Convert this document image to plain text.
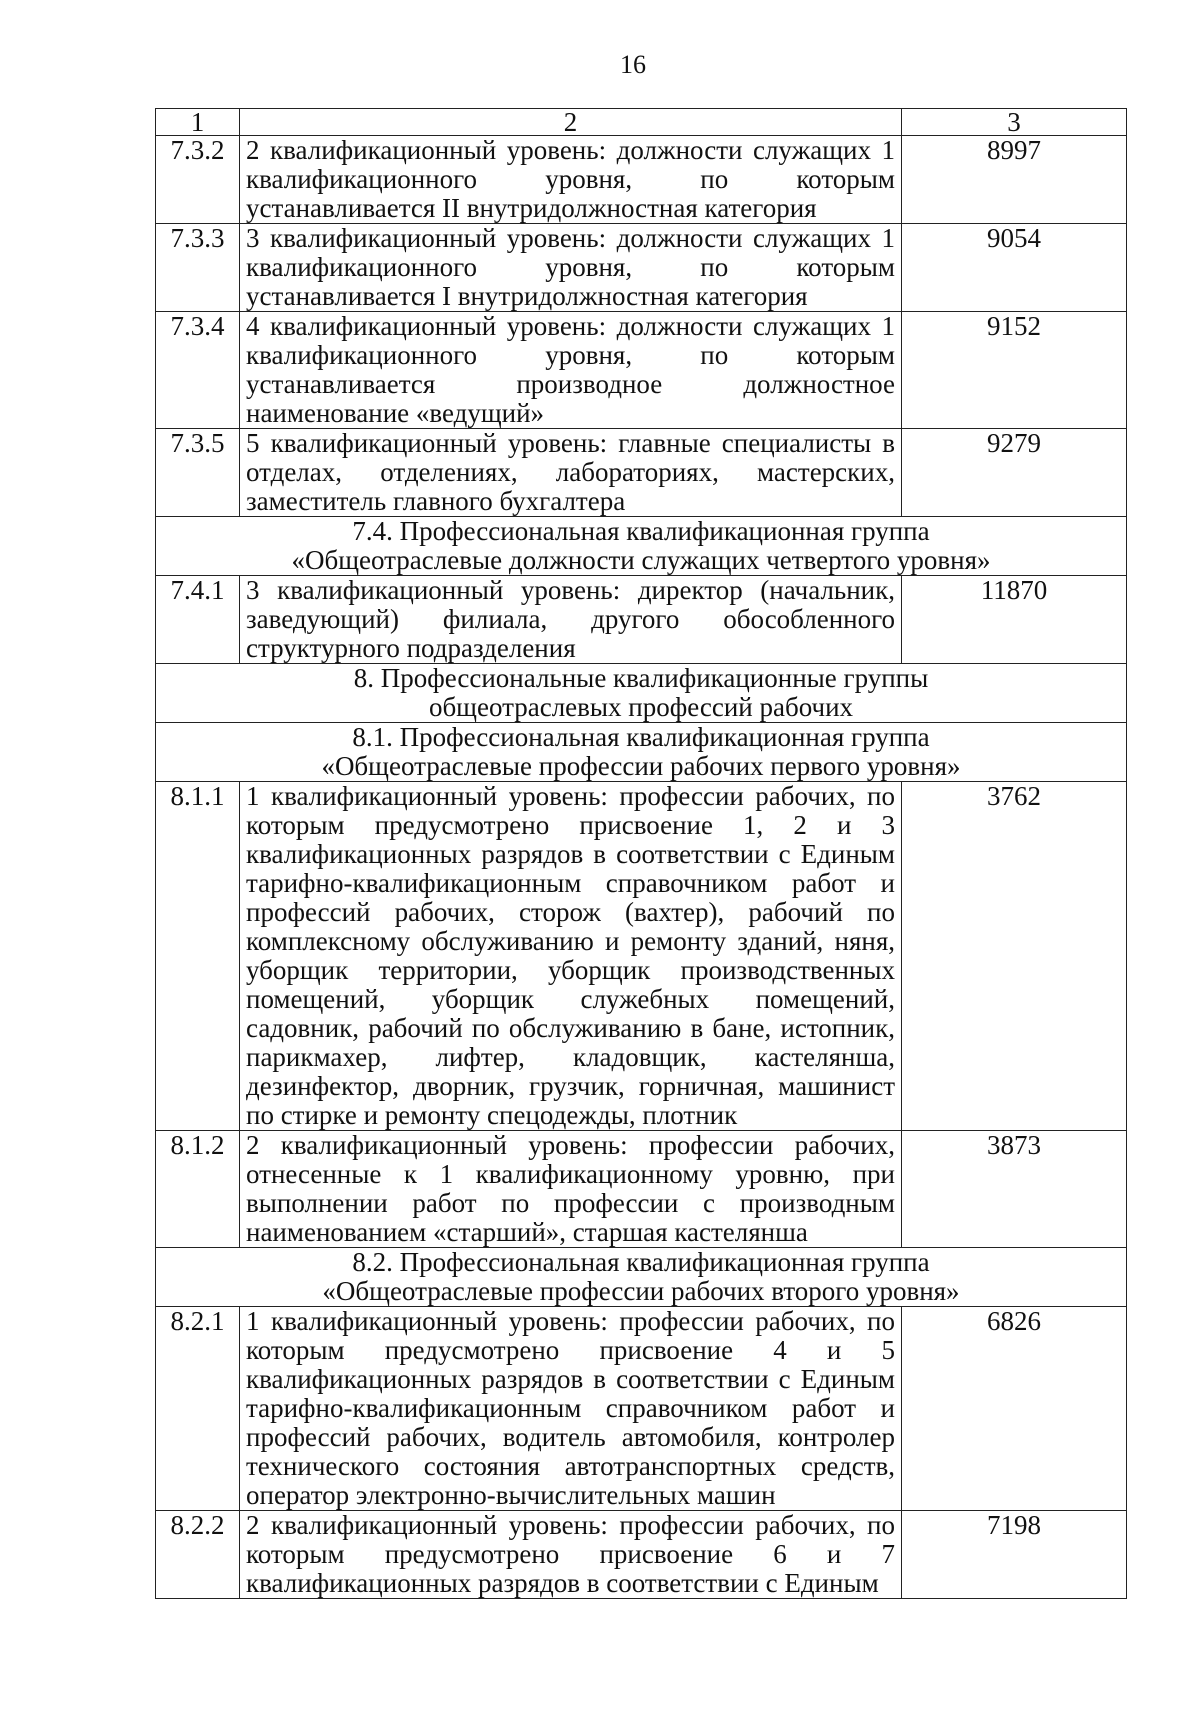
16
1	2	3
7.3.2	2 квалификационный уровень: должности служащих 1 квалификационного уровня, по которым устанавливается II внутридолжностная категория	8997
7.3.3	3 квалификационный уровень: должности служащих 1 квалификационного уровня, по которым устанавливается I внутридолжностная категория	9054
7.3.4	4 квалификационный уровень: должности служащих 1 квалификационного уровня, по которым устанавливается производное должностное наименование «ведущий»	9152
7.3.5	5 квалификационный уровень: главные специалисты в отделах, отделениях, лабораториях, мастерских, заместитель главного бухгалтера	9279

7.4. Профессиональная квалификационная группа
«Общеотраслевые должности служащих четвертого уровня»		

7.4.1	3 квалификационный уровень: директор (начальник, заведующий) филиала, другого обособленного структурного подразделения	11870

8. Профессиональные квалификационные группы
общеотраслевых профессий рабочих		

8.1. Профессиональная квалификационная группа
«Общеотраслевые профессии рабочих первого уровня»		

8.1.1	1 квалификационный уровень: профессии рабочих, по которым предусмотрено присвоение 1, 2 и 3 квалификационных разрядов в соответствии с Единым тарифно-квалификационным справочником работ и профессий рабочих, сторож (вахтер), рабочий по комплексному обслуживанию и ремонту зданий, няня, уборщик территории, уборщик производственных помещений, уборщик служебных помещений, садовник, рабочий по обслуживанию в бане, истопник, парикмахер, лифтер, кладовщик, кастелянша, дезинфектор, дворник, грузчик, горничная, машинист по стирке и ремонту спецодежды, плотник	3762
8.1.2	2 квалификационный уровень: профессии рабочих, отнесенные к 1 квалификационному уровню, при выполнении работ по профессии с производным наименованием «старший», старшая кастелянша	3873

8.2. Профессиональная квалификационная группа
«Общеотраслевые профессии рабочих второго уровня»		

8.2.1	1 квалификационный уровень: профессии рабочих, по которым предусмотрено присвоение 4 и 5 квалификационных разрядов в соответствии с Единым тарифно-квалификационным справочником работ и профессий рабочих, водитель автомобиля, контролер технического состояния автотранспортных средств, оператор электронно-вычислительных машин	6826
8.2.2	2 квалификационный уровень: профессии рабочих, по которым предусмотрено присвоение 6 и 7 квалификационных разрядов в соответствии с Единым	7198
